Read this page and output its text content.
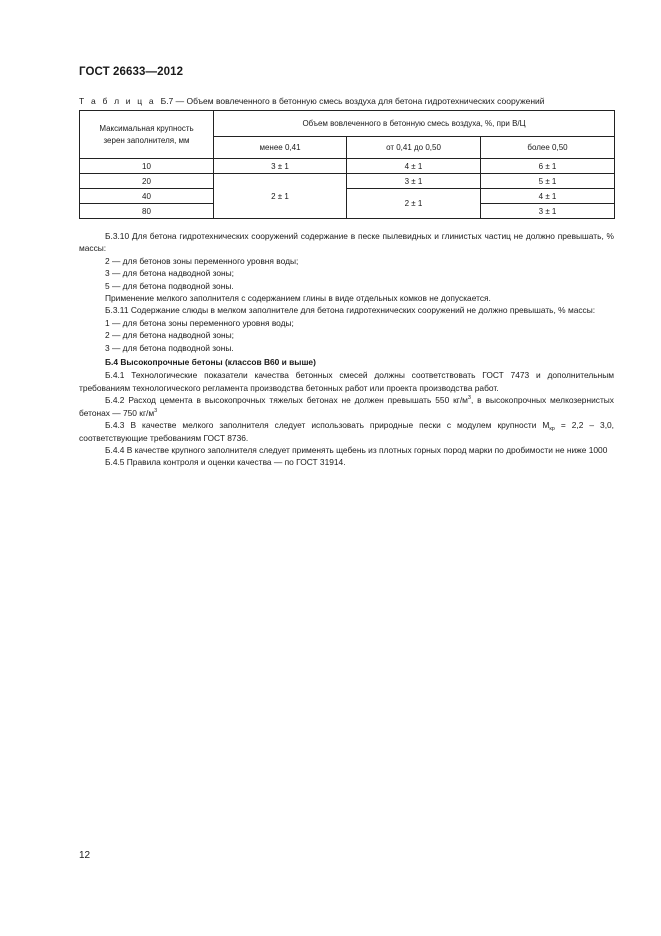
ГОСТ 26633—2012
Т а б л и ц а Б.7 — Объем вовлеченного в бетонную смесь воздуха для бетона гидротехнических сооружений
Максимальная крупность зерен заполнителя, мм	Объем вовлеченного в бетонную смесь воздуха, %, при В/Ц		
	менее 0,41	от 0,41 до 0,50	более 0,50
10	3 ± 1	4 ± 1	6 ± 1
20	2 ± 1	3 ± 1	5 ± 1
40		2 ± 1	4 ± 1
80			3 ± 1

Б.3.10 Для бетона гидротехнических сооружений содержание в песке пылевидных и глинистых частиц не должно превышать, % массы:

2 — для бетонов зоны переменного уровня воды;

3 — для бетона надводной зоны;

5 — для бетона подводной зоны.

Применение мелкого заполнителя с содержанием глины в виде отдельных комков не допускается.

Б.3.11 Содержание слюды в мелком заполнителе для бетона гидротехнических сооружений не должно превышать, % массы:

1 — для бетона зоны переменного уровня воды;

2 — для бетона надводной зоны;

3 — для бетона подводной зоны.

Б.4 Высокопрочные бетоны (классов В60 и выше)

Б.4.1 Технологические показатели качества бетонных смесей должны соответствовать ГОСТ 7473 и дополнительным требованиям технологического регламента производства бетонных работ или проекта производства работ.

Б.4.2 Расход цемента в высокопрочных тяжелых бетонах не должен превышать 550 $кг/м^3$, в высокопрочных мелкозернистых бетонах — 750 $кг/м^3$

Б.4.3 В качестве мелкого заполнителя следует использовать природные пески с модулем крупности $М_{кр} = 2,2 - 3,0$, соответствующие требованиям ГОСТ 8736.

Б.4.4 В качестве крупного заполнителя следует применять щебень из плотных горных пород марки по дробимости не ниже 1000

Б.4.5 Правила контроля и оценки качества — по ГОСТ 31914.

12
